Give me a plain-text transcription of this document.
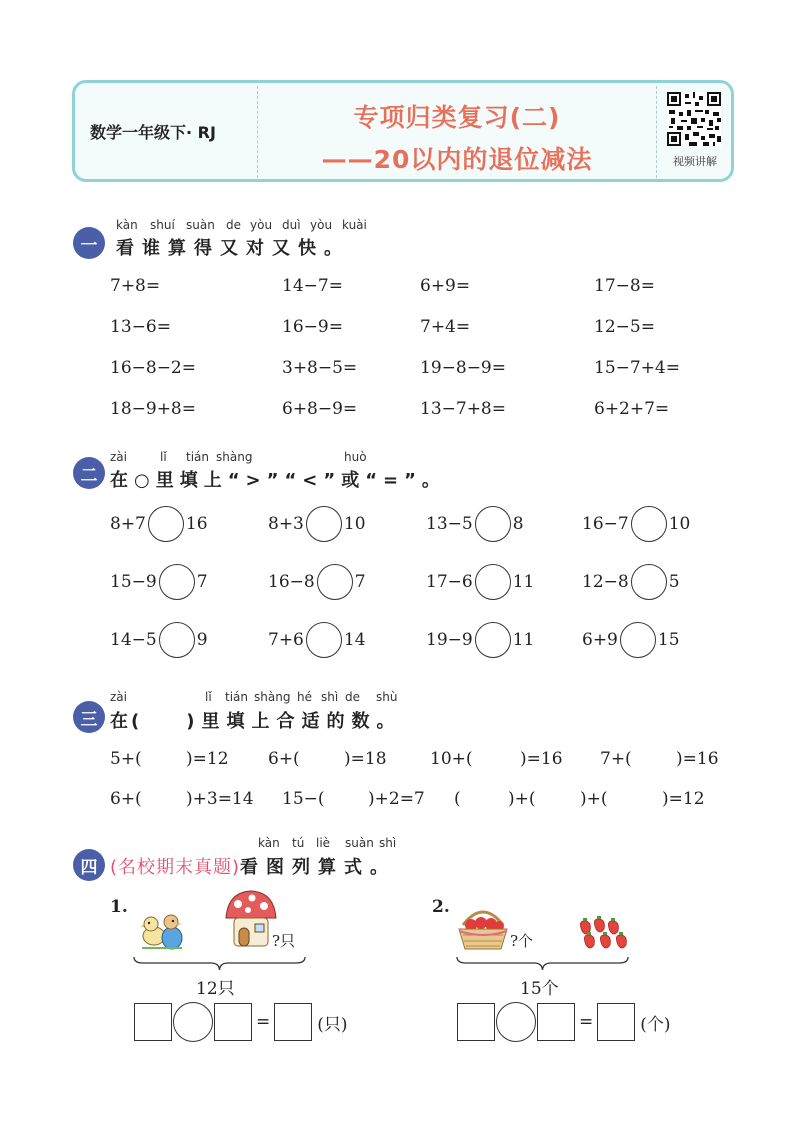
数学一年级下· RJ
专项归类复习(二)
——20以内的退位减法	视频讲解
一
kàn shuí suàn de yòu duì yòu kuài
看谁算得又对又快。
7+8=	14−7=	6+9=	17−8=
13−6=	16−9=	7+4=	12−5=
16−8−2=	3+8−5=	19−8−9=	15−7+4=
18−9+8=	6+8−9=	13−7+8=	6+2+7=
二
zài	lǐ tián shàng	huò
在○里填上“>”“<”或“=”。
8+7 16	8+3 10	13−5 8	16−7 10
15−9 7	16−8 7	17−6 11	12−8 5
14−5 9	7+6 14	19−9 11	6+9 15
三
zài	lǐ tián shàng hé shì de shù
在( )里填上合适的数。
5+(	)=12 6+(	)=18	10+(	)=16 7+(	)=16
6+(	)+3=14 15−(	)+2=7 (	)+(	)+(	)=12
四
kàn tú liè suàn shì
(名校期末真题)看图列算式。
1.
?只
12只
=	(只)
2.
?个
15个
=	(个)
